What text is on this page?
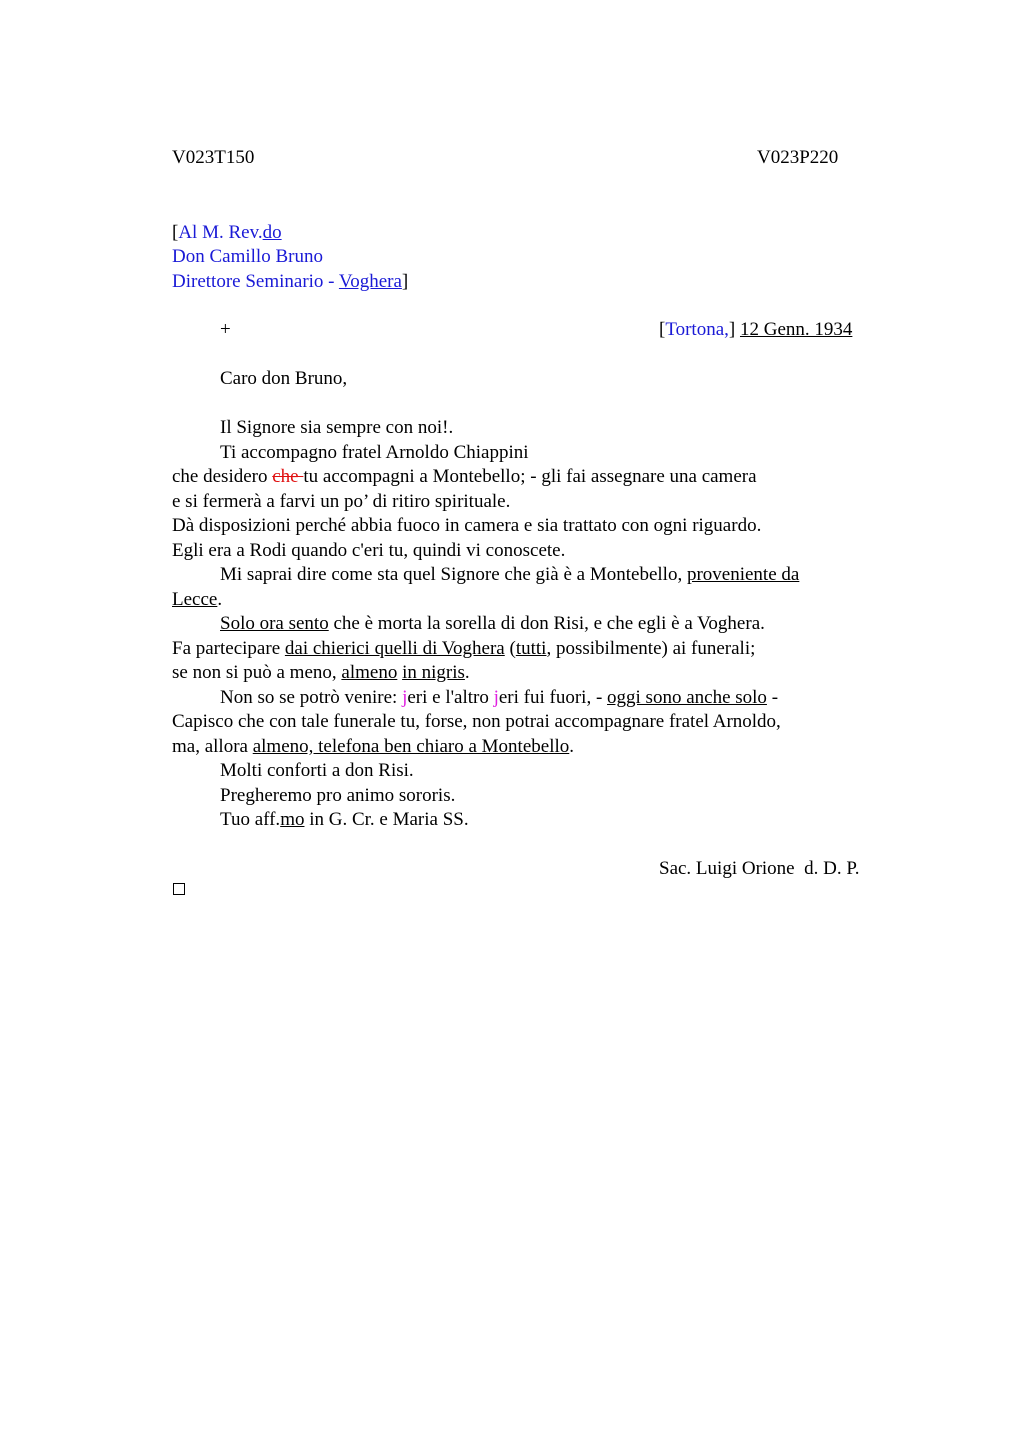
V023T150	V023P220
[Al M. Rev.do
Don Camillo Bruno
Direttore Seminario - Voghera]
+	[Tortona,] 12 Genn. 1934
Caro don Bruno,
Il Signore sia sempre con noi!.
Ti accompagno fratel Arnoldo Chiappini
che desidero che tu accompagni a Montebello; - gli fai assegnare una camera
e si fermerà a farvi un po’ di ritiro spirituale.
Dà disposizioni perché abbia fuoco in camera e sia trattato con ogni riguardo.
Egli era a Rodi quando c'eri tu, quindi vi conoscete.
Mi saprai dire come sta quel Signore che già è a Montebello, proveniente da
Lecce.
Solo ora sento che è morta la sorella di don Risi, e che egli è a Voghera.
Fa partecipare dai chierici quelli di Voghera (tutti, possibilmente) ai funerali;
se non si può a meno, almeno in nigris.
Non so se potrò venire: jeri e l'altro jeri fui fuori, - oggi sono anche solo -
Capisco che con tale funerale tu, forse, non potrai accompagnare fratel Arnoldo,
ma, allora almeno, telefona ben chiaro a Montebello.
Molti conforti a don Risi.
Pregheremo pro animo sororis.
Tuo aff.mo in G. Cr. e Maria SS.
Sac. Luigi Orione  d. D. P.
